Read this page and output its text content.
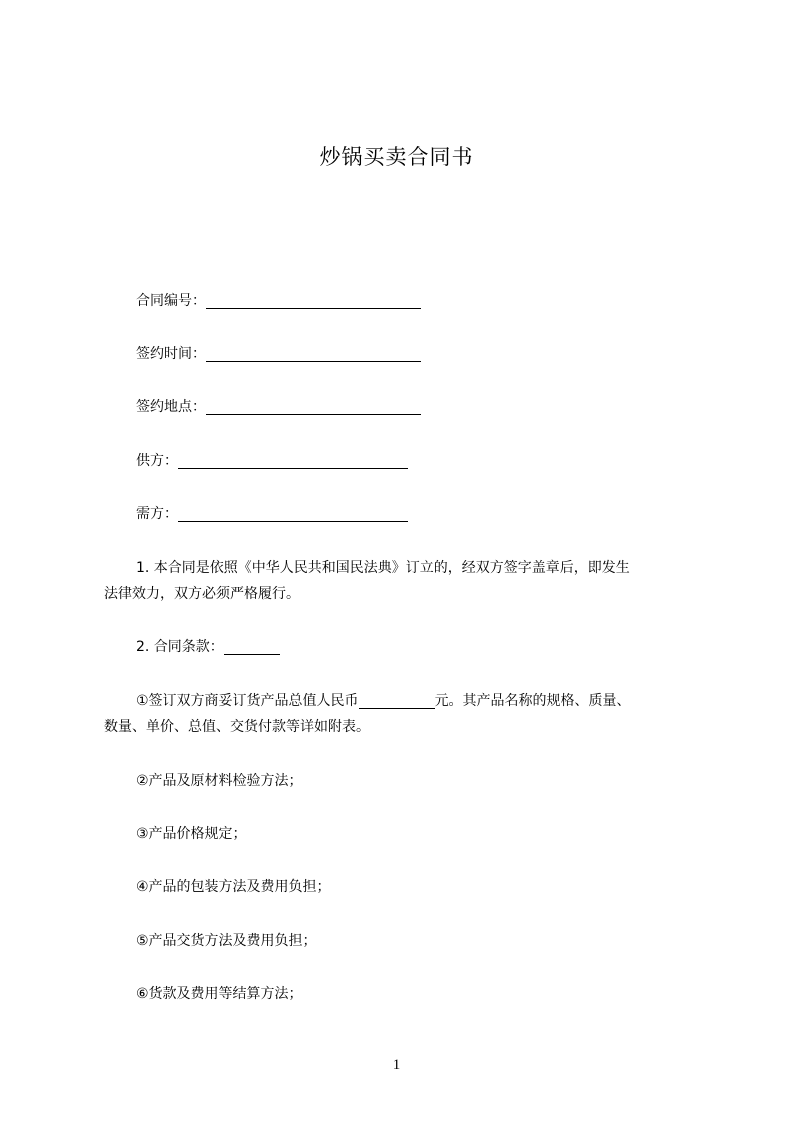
炒锅买卖合同书
合同编号：
签约时间：
签约地点：
供方：
需方：
1. 本合同是依照《中华人民共和国民法典》订立的，经双方签字盖章后，即发生
法律效力，双方必须严格履行。
2. 合同条款：
①签订双方商妥订货产品总值人民币	元。其产品名称的规格、质量、
数量、单价、总值、交货付款等详如附表。
②产品及原材料检验方法；
③产品价格规定；
④产品的包装方法及费用负担；
⑤产品交货方法及费用负担；
⑥货款及费用等结算方法；
1
